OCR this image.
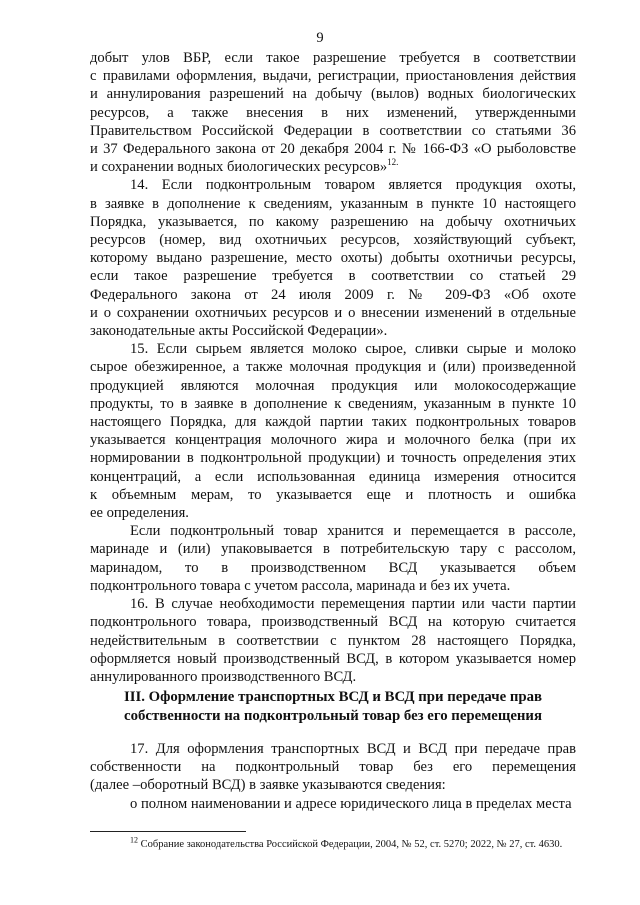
9

добыт улов ВБР, если такое разрешение требуется в соответствии
с правилами оформления, выдачи, регистрации, приостановления действия
и аннулирования разрешений на добычу (вылов) водных биологических
ресурсов, а также внесения в них изменений, утвержденными
Правительством Российской Федерации в соответствии со статьями 36
и 37 Федерального закона от 20 декабря 2004 г. № 166-ФЗ «О рыболовстве
и сохранении водных биологических ресурсов»$^{12.}$

14. Если подконтрольным товаром является продукция охоты,
в заявке в дополнение к сведениям, указанным в пункте 10 настоящего
Порядка, указывается, по какому разрешению на добычу охотничьих
ресурсов (номер, вид охотничьих ресурсов, хозяйствующий субъект,
которому выдано разрешение, место охоты) добыты охотничьи ресурсы,
если такое разрешение требуется в соответствии со статьей 29
Федерального закона от 24 июля 2009 г. № 209-ФЗ «Об охоте
и о сохранении охотничьих ресурсов и о внесении изменений в отдельные
законодательные акты Российской Федерации».

15. Если сырьем является молоко сырое, сливки сырые и молоко
сырое обезжиренное, а также молочная продукция и (или) произведенной
продукцией являются молочная продукция или молокосодержащие
продукты, то в заявке в дополнение к сведениям, указанным в пункте 10
настоящего Порядка, для каждой партии таких подконтрольных товаров
указывается концентрация молочного жира и молочного белка (при их
нормировании в подконтрольной продукции) и точность определения этих
концентраций, а если использованная единица измерения относится
к объемным мерам, то указывается еще и плотность и ошибка
ее определения.

Если подконтрольный товар хранится и перемещается в рассоле,
маринаде и (или) упаковывается в потребительскую тару с рассолом,
маринадом, то в производственном ВСД указывается объем
подконтрольного товара с учетом рассола, маринада и без их учета.

16. В случае необходимости перемещения партии или части партии
подконтрольного товара, производственный ВСД на которую считается
недействительным в соответствии с пунктом 28 настоящего Порядка,
оформляется новый производственный ВСД, в котором указывается номер
аннулированного производственного ВСД.

III. Оформление транспортных ВСД и ВСД при передаче прав
собственности на подконтрольный товар без его перемещения

17. Для оформления транспортных ВСД и ВСД при передаче прав
собственности на подконтрольный товар без его перемещения
(далее –оборотный ВСД) в заявке указываются сведения:
о полном наименовании и адресе юридического лица в пределах места

$^{12}$ Собрание законодательства Российской Федерации, 2004, № 52, ст. 5270; 2022, № 27, ст. 4630.
